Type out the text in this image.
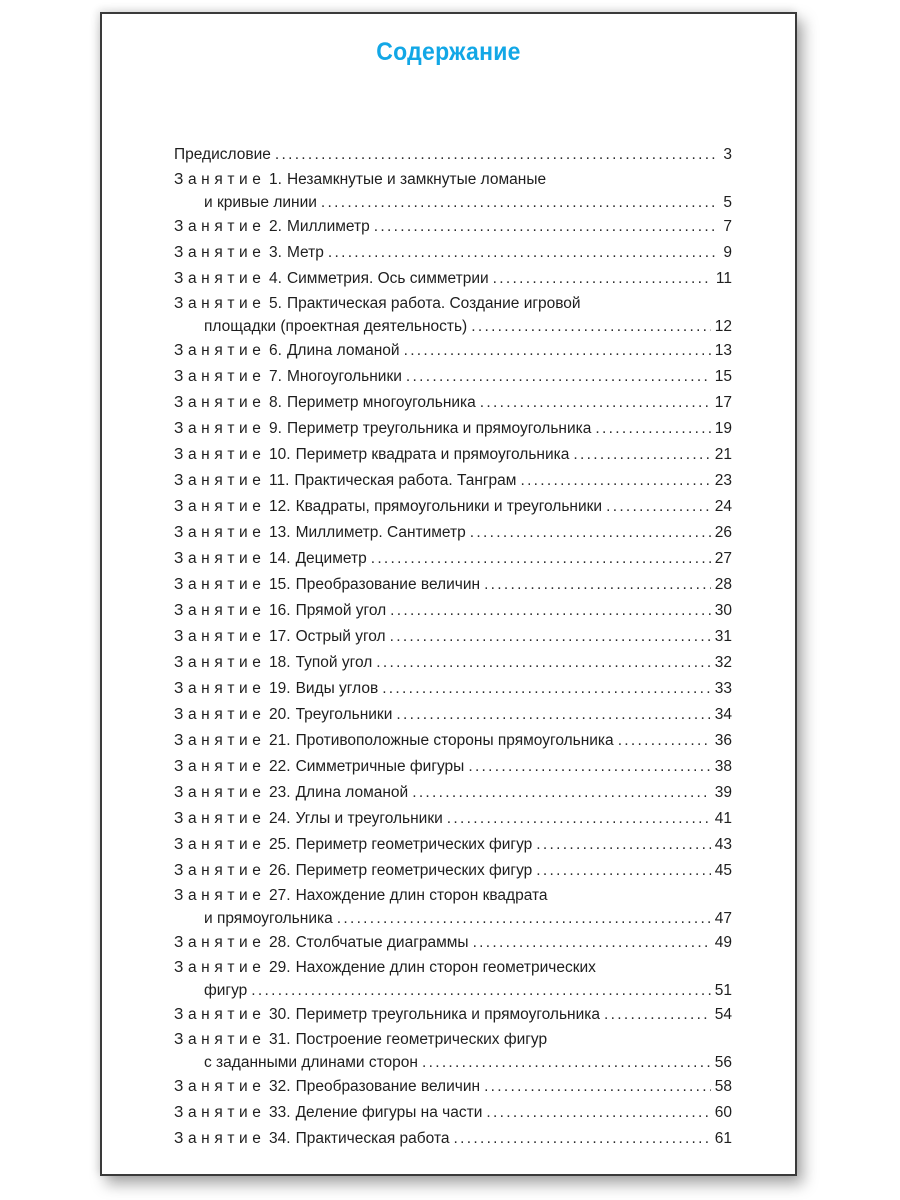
Содержание
Предисловие . . .	3
Занятие 1. Незамкнутые и замкнутые ломаные
и кривые линии . . .	5
Занятие 2. Миллиметр . . .	7
Занятие 3. Метр . . .	9
Занятие 4. Симметрия. Ось симметрии . . .	11
Занятие 5. Практическая работа. Создание игровой
площадки (проектная деятельность) . . .	12
Занятие 6. Длина ломаной . . .	13
Занятие 7. Многоугольники . . .	15
Занятие 8. Периметр многоугольника . . .	17
Занятие 9. Периметр треугольника и прямоугольника . . .	19
Занятие 10. Периметр квадрата и прямоугольника . . .	21
Занятие 11. Практическая работа. Танграм . . .	23
Занятие 12. Квадраты, прямоугольники и треугольники . . .	24
Занятие 13. Миллиметр. Сантиметр . . .	26
Занятие 14. Дециметр . . .	27
Занятие 15. Преобразование величин . . .	28
Занятие 16. Прямой угол . . .	30
Занятие 17. Острый угол . . .	31
Занятие 18. Тупой угол . . .	32
Занятие 19. Виды углов . . .	33
Занятие 20. Треугольники . . .	34
Занятие 21. Противоположные стороны прямоугольника . . .	36
Занятие 22. Симметричные фигуры . . .	38
Занятие 23. Длина ломаной . . .	39
Занятие 24. Углы и треугольники . . .	41
Занятие 25. Периметр геометрических фигур . . .	43
Занятие 26. Периметр геометрических фигур . . .	45
Занятие 27. Нахождение длин сторон квадрата
и прямоугольника . . .	47
Занятие 28. Столбчатые диаграммы . . .	49
Занятие 29. Нахождение длин сторон геометрических
фигур . . .	51
Занятие 30. Периметр треугольника и прямоугольника . . .	54
Занятие 31. Построение геометрических фигур
с заданными длинами сторон . . .	56
Занятие 32. Преобразование величин . . .	58
Занятие 33. Деление фигуры на части . . .	60
Занятие 34. Практическая работа . . .	61
